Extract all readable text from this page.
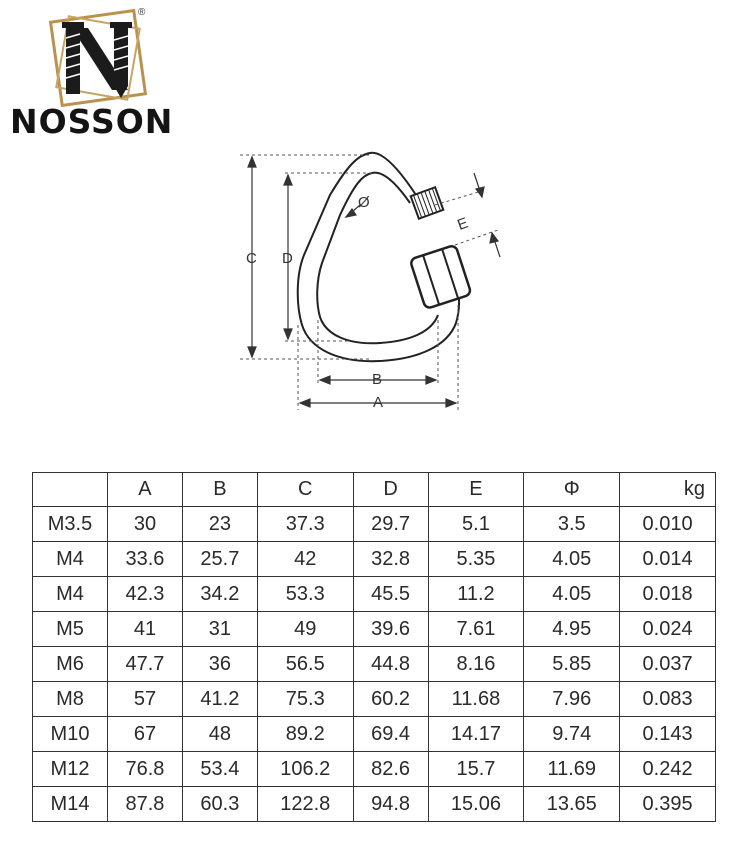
®
NOSSON
C D
B
A
E
Ø
	A	B	C	D	E	Φ	kg
M3.5	30	23	37.3	29.7	5.1	3.5	0.010
M4	33.6	25.7	42	32.8	5.35	4.05	0.014
M4	42.3	34.2	53.3	45.5	11.2	4.05	0.018
M5	41	31	49	39.6	7.61	4.95	0.024
M6	47.7	36	56.5	44.8	8.16	5.85	0.037
M8	57	41.2	75.3	60.2	11.68	7.96	0.083
M10	67	48	89.2	69.4	14.17	9.74	0.143
M12	76.8	53.4	106.2	82.6	15.7	11.69	0.242
M14	87.8	60.3	122.8	94.8	15.06	13.65	0.395
